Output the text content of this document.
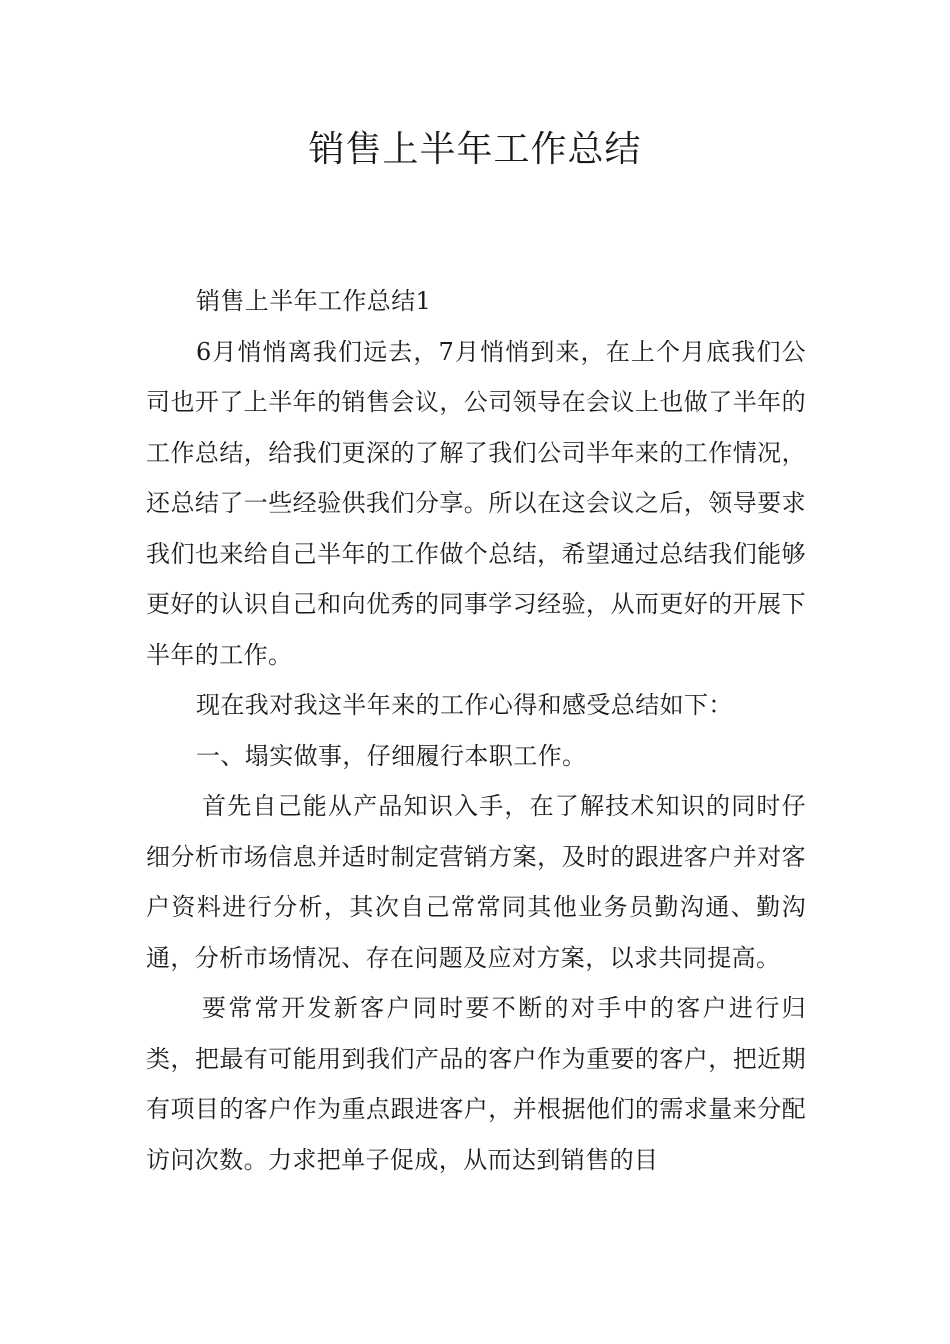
销售上半年工作总结

销售上半年工作总结1

6月悄悄离我们远去，7月悄悄到来，在上个月底我们公司也开了上半年的销售会议，公司领导在会议上也做了半年的工作总结，给我们更深的了解了我们公司半年来的工作情况，还总结了一些经验供我们分享。所以在这会议之后，领导要求我们也来给自己半年的工作做个总结，希望通过总结我们能够更好的认识自己和向优秀的同事学习经验，从而更好的开展下半年的工作。

现在我对我这半年来的工作心得和感受总结如下：

一、塌实做事，仔细履行本职工作。

首先自己能从产品知识入手，在了解技术知识的同时仔细分析市场信息并适时制定营销方案，及时的跟进客户并对客户资料进行分析，其次自己常常同其他业务员勤沟通、勤沟通，分析市场情况、存在问题及应对方案，以求共同提高。

要常常开发新客户同时要不断的对手中的客户进行归类，把最有可能用到我们产品的客户作为重要的客户，把近期有项目的客户作为重点跟进客户，并根据他们的需求量来分配访问次数。力求把单子促成，从而达到销售的目
